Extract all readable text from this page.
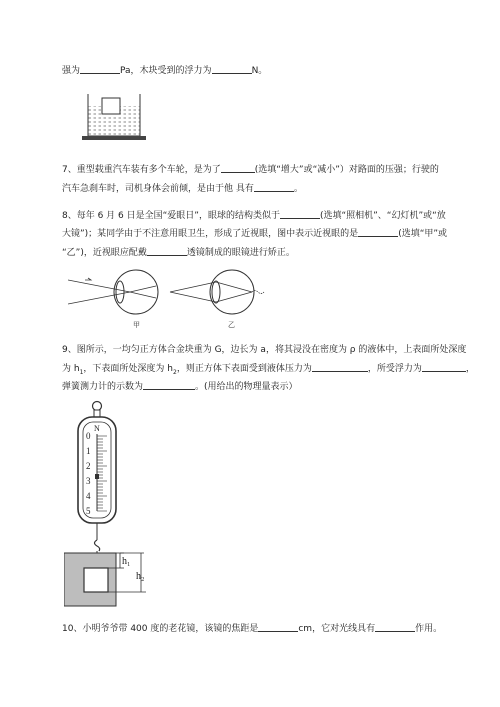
强为	Pa，木块受到的浮力为	N。
7、重型载重汽车装有多个车轮，是为了	(选填“增大”或“减小”）对路面的压强；行驶的
汽车急刹车时，司机身体会前倾，是由于他 具有	。
8、每年 6 月 6 日是全国“爱眼日”，眼球的结构类似于	(选填“照相机”、“幻灯机”或“放
大镜”)；某同学由于不注意用眼卫生，形成了近视眼，图中表示近视眼的是	(选填“甲”或
“乙”)，近视眼应配戴	透镜制成的眼镜进行矫正。
甲	乙
9、图所示，一均匀正方体合金块重为 G，边长为 a，将其浸没在密度为 ρ 的液体中，上表面所处深度
为 $h_1$，下表面所处深度为 $h_2$，则正方体下表面受到液体压力为	，所受浮力为	，
弹簧测力计的示数为	。(用给出的物理量表示）
N
0
1
2
3
4
5
h₁
h₂
10、小明爷爷带 400 度的老花镜，该镜的焦距是	cm，它对光线具有	作用。
